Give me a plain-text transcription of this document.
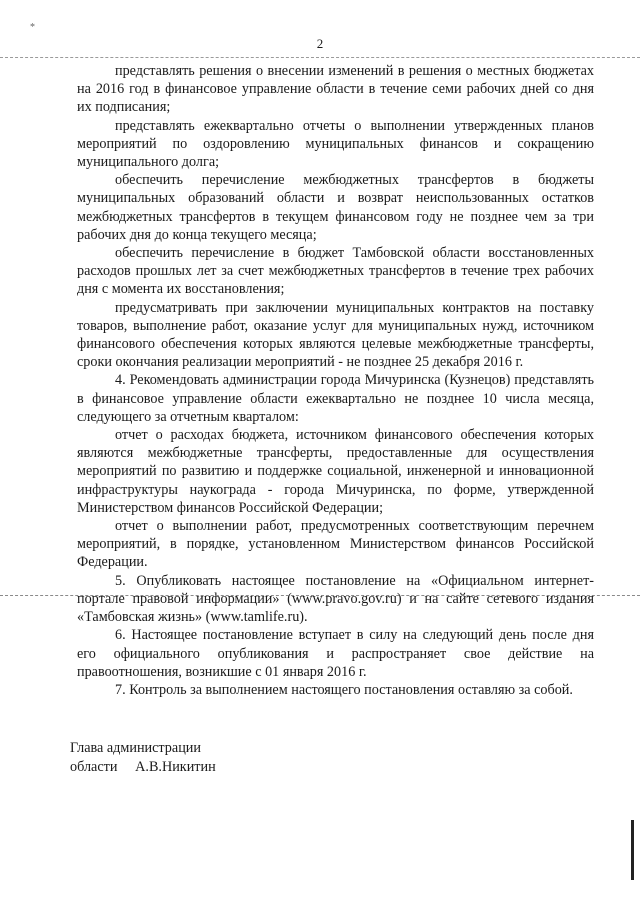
*
2

представлять решения о внесении изменений в решения о местных бюджетах на 2016 год в финансовое управление области в течение семи рабочих дней со дня их подписания;

представлять ежеквартально отчеты о выполнении утвержденных планов мероприятий по оздоровлению муниципальных финансов и сокращению муниципального долга;

обеспечить перечисление межбюджетных трансфертов в бюджеты муниципальных образований области и возврат неиспользованных остатков межбюджетных трансфертов в текущем финансовом году не позднее чем за три рабочих дня до конца текущего месяца;

обеспечить перечисление в бюджет Тамбовской области восстановленных расходов прошлых лет за счет межбюджетных трансфертов в течение трех рабочих дня с момента их восстановления;

предусматривать при заключении муниципальных контрактов на поставку товаров, выполнение работ, оказание услуг для муниципальных нужд, источником финансового обеспечения которых являются целевые межбюджетные трансферты, сроки окончания реализации мероприятий - не позднее 25 декабря 2016 г.

4. Рекомендовать администрации города Мичуринска (Кузнецов) представлять в финансовое управление области ежеквартально не позднее 10 числа месяца, следующего за отчетным кварталом:

отчет о расходах бюджета, источником финансового обеспечения которых являются межбюджетные трансферты, предоставленные для осуществления мероприятий по развитию и поддержке социальной, инженерной и инновационной инфраструктуры наукограда - города Мичуринска, по форме, утвержденной Министерством финансов Российской Федерации;

отчет о выполнении работ, предусмотренных соответствующим перечнем мероприятий, в порядке, установленном Министерством финансов Российской Федерации.

5. Опубликовать настоящее постановление на «Официальном интернет-портале правовой информации» (www.pravo.gov.ru) и на сайте сетевого издания «Тамбовская жизнь» (www.tamlife.ru).

6. Настоящее постановление вступает в силу на следующий день после дня его официального опубликования и распространяет свое действие на правоотношения, возникшие с 01 января 2016 г.

7. Контроль за выполнением настоящего постановления оставляю за собой.

Глава администрации
области     А.В.Никитин
